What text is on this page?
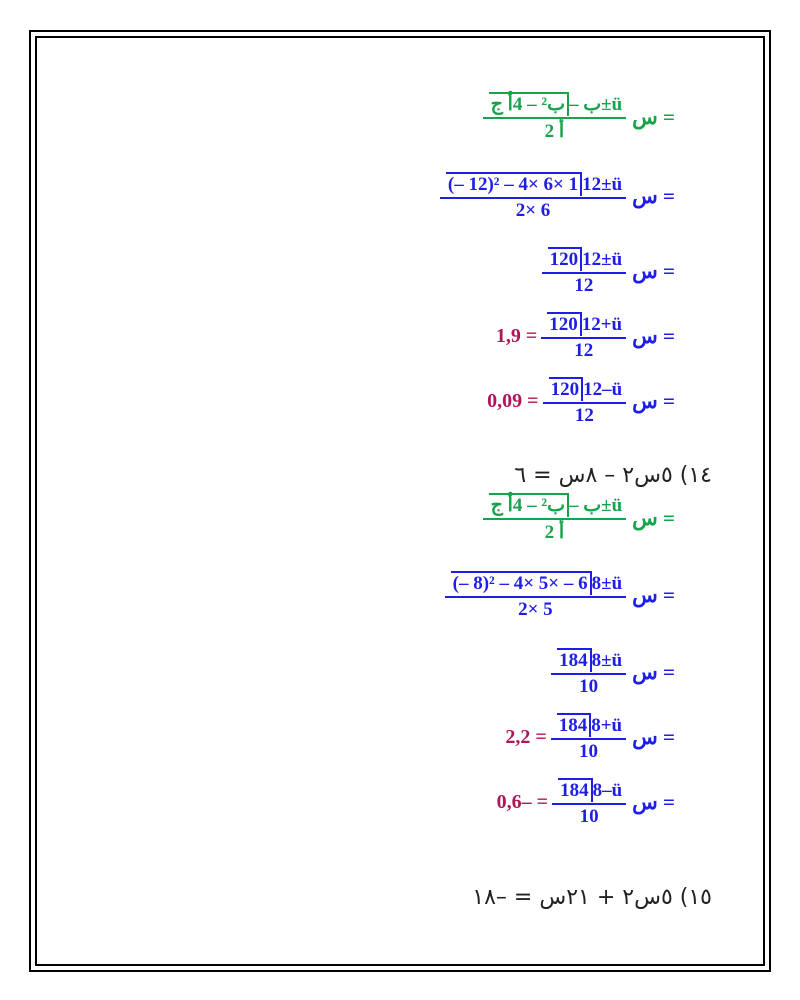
$\frac{\text{ب² – 4أ ج – ب±ü}}{\text{2 أ}}$ س =
$\frac{\text{(– 12)² – 4× 6× 1 12±ü}}{2\times 6}$ س =
$\frac{120 12\pm ü}{12}$ س =
$1,9 = \frac{120 12+ü}{12}$ س =
$0,09 = \frac{120 12-ü}{12}$ س =
١٤) ٥س٢ – ٨س = ٦
$\frac{\text{ب² – 4أ ج – ب±ü}}{\text{2 أ}}$ س =
$\frac{\text{(– 8)² – 4× 5× – 6 8±ü}}{2\times 5}$ س =
$\frac{184 8\pm ü}{10}$ س =
$2,2 = \frac{184 8+ü}{10}$ س =
$0,6- = \frac{184 8-ü}{10}$ س =
١٥) ٥س٢ + ٢١س = –١٨
